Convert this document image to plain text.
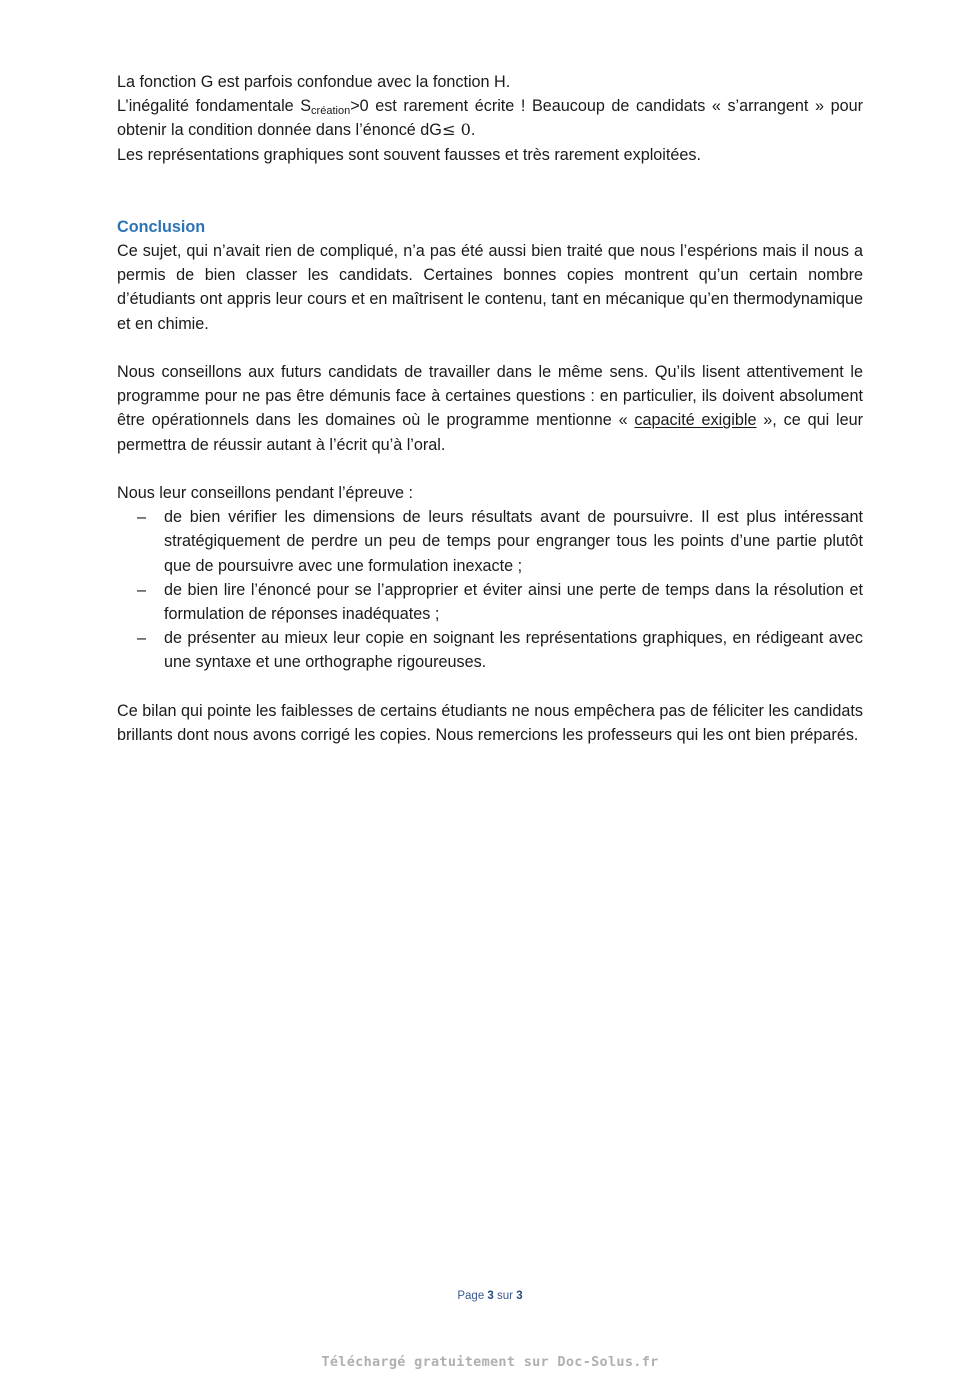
La fonction G est parfois confondue avec la fonction H.

L’inégalité fondamentale $S_{création}>0$ est rarement écrite ! Beaucoup de candidats « s’arrangent » pour obtenir la condition donnée dans l’énoncé dG≤ 0.

Les représentations graphiques sont souvent fausses et très rarement exploitées.

Conclusion

Ce sujet, qui n’avait rien de compliqué, n’a pas été aussi bien traité que nous l’espérions mais il nous a permis de bien classer les candidats. Certaines bonnes copies montrent qu’un certain nombre d’étudiants ont appris leur cours et en maîtrisent le contenu, tant en mécanique qu’en thermodynamique et en chimie.

Nous conseillons aux futurs candidats de travailler dans le même sens. Qu’ils lisent attentivement le programme pour ne pas être démunis face à certaines questions : en particulier, ils doivent absolument être opérationnels dans les domaines où le programme mentionne « capacité exigible », ce qui leur permettra de réussir autant à l’écrit qu’à l’oral.

Nous leur conseillons pendant l’épreuve :

– de bien vérifier les dimensions de leurs résultats avant de poursuivre. Il est plus intéressant stratégiquement de perdre un peu de temps pour engranger tous les points d’une partie plutôt que de poursuivre avec une formulation inexacte ;
– de bien lire l’énoncé pour se l’approprier et éviter ainsi une perte de temps dans la résolution et formulation de réponses inadéquates ;
– de présenter au mieux leur copie en soignant les représentations graphiques, en rédigeant avec une syntaxe et une orthographe rigoureuses.

Ce bilan qui pointe les faiblesses de certains étudiants ne nous empêchera pas de féliciter les candidats brillants dont nous avons corrigé les copies. Nous remercions les professeurs qui les ont bien préparés.

Page 3 sur 3
Téléchargé gratuitement sur Doc-Solus.fr
